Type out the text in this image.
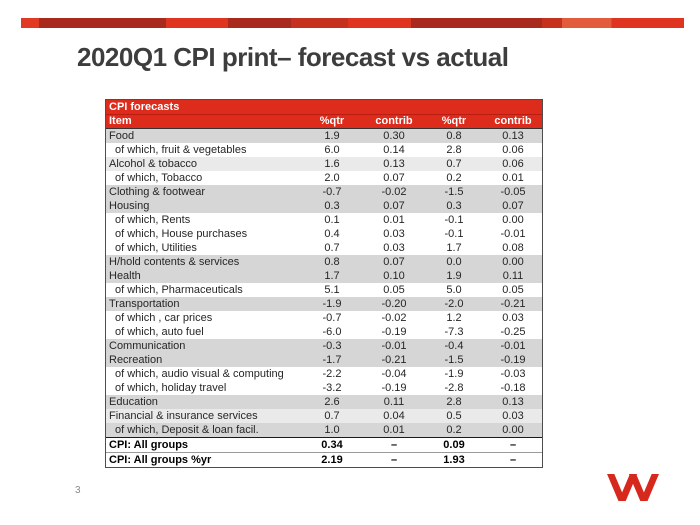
2020Q1 CPI print– forecast vs actual
CPI forecasts
Item	%qtr	contrib	%qtr	contrib
Food	1.9	0.30	0.8	0.13
of which, fruit & vegetables	6.0	0.14	2.8	0.06
Alcohol & tobacco	1.6	0.13	0.7	0.06
of which, Tobacco	2.0	0.07	0.2	0.01
Clothing & footwear	-0.7	-0.02	-1.5	-0.05
Housing	0.3	0.07	0.3	0.07
of which, Rents	0.1	0.01	-0.1	0.00
of which, House purchases	0.4	0.03	-0.1	-0.01
of which, Utilities	0.7	0.03	1.7	0.08
H/hold contents & services	0.8	0.07	0.0	0.00
Health	1.7	0.10	1.9	0.11
of which, Pharmaceuticals	5.1	0.05	5.0	0.05
Transportation	-1.9	-0.20	-2.0	-0.21
of which , car prices	-0.7	-0.02	1.2	0.03
of which, auto fuel	-6.0	-0.19	-7.3	-0.25
Communication	-0.3	-0.01	-0.4	-0.01
Recreation	-1.7	-0.21	-1.5	-0.19
of which, audio visual & computing	-2.2	-0.04	-1.9	-0.03
of which, holiday travel	-3.2	-0.19	-2.8	-0.18
Education	2.6	0.11	2.8	0.13
Financial & insurance services	0.7	0.04	0.5	0.03
of which, Deposit & loan facil.	1.0	0.01	0.2	0.00
CPI: All groups	0.34	–	0.09	–
CPI: All groups %yr	2.19	–	1.93	–
3
